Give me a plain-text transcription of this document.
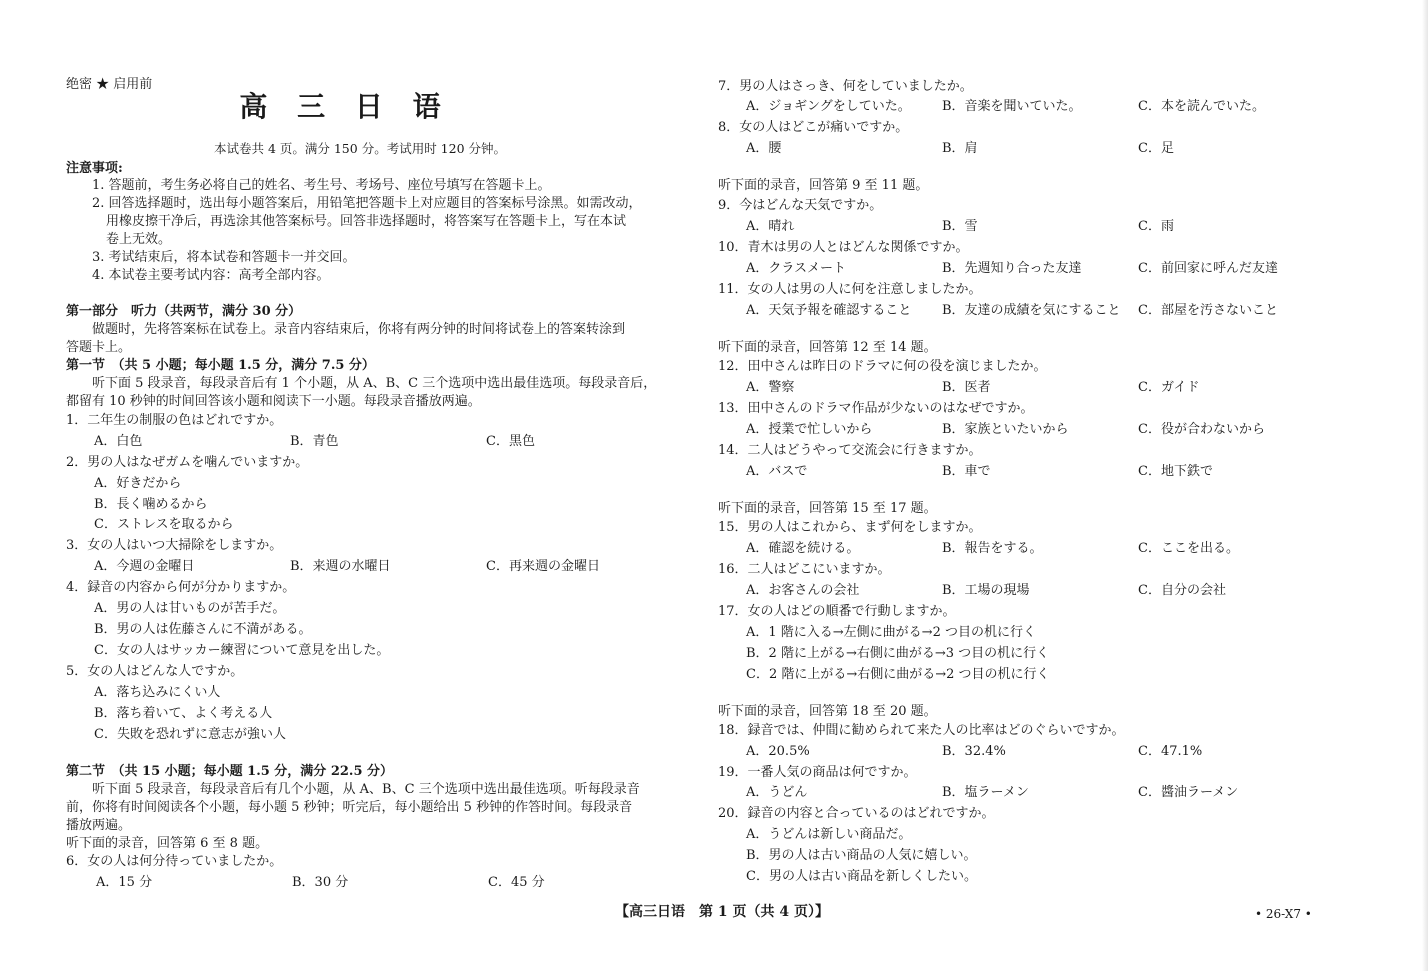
绝密 ★ 启用前
高 三 日 语
本试卷共 4 页。满分 150 分。考试用时 120 分钟。
注意事项:
1. 答题前，考生务必将自己的姓名、考生号、考场号、座位号填写在答题卡上。
2. 回答选择题时，选出每小题答案后，用铅笔把答题卡上对应题目的答案标号涂黑。如需改动，
用橡皮擦干净后，再选涂其他答案标号。回答非选择题时，将答案写在答题卡上，写在本试
卷上无效。
3. 考试结束后，将本试卷和答题卡一并交回。
4. 本试卷主要考试内容：高考全部内容。
第一部分　听力（共两节，满分 30 分）
做题时，先将答案标在试卷上。录音内容结束后，你将有两分钟的时间将试卷上的答案转涂到
答题卡上。
第一节　（共 5 小题；每小题 1.5 分，满分 7.5 分）
听下面 5 段录音，每段录音后有 1 个小题，从 A、B、C 三个选项中选出最佳选项。每段录音后，
都留有 10 秒钟的时间回答该小题和阅读下一小题。每段录音播放两遍。
1．二年生の制服の色はどれですか。
A．白色	B．青色	C．黒色
2．男の人はなぜガムを噛んでいますか。
A．好きだから
B．長く噛めるから
C．ストレスを取るから
3．女の人はいつ大掃除をしますか。
A．今週の金曜日	B．来週の水曜日	C．再来週の金曜日
4．録音の内容から何が分かりますか。
A．男の人は甘いものが苦手だ。
B．男の人は佐藤さんに不満がある。
C．女の人はサッカー練習について意見を出した。
5．女の人はどんな人ですか。
A．落ち込みにくい人
B．落ち着いて、よく考える人
C．失敗を恐れずに意志が強い人
第二节　（共 15 小题；每小题 1.5 分，满分 22.5 分）
听下面 5 段录音，每段录音后有几个小题，从 A、B、C 三个选项中选出最佳选项。听每段录音
前，你将有时间阅读各个小题，每小题 5 秒钟；听完后，每小题给出 5 秒钟的作答时间。每段录音
播放两遍。
听下面的录音，回答第 6 至 8 题。
6．女の人は何分待っていましたか。
A．15 分	B．30 分	C．45 分
7．男の人はさっき、何をしていましたか。
A．ジョギングをしていた。 B．音楽を聞いていた。	C．本を読んでいた。
8．女の人はどこが痛いですか。
A．腰	B．肩	C．足
听下面的录音，回答第 9 至 11 题。
9．今はどんな天気ですか。
A．晴れ	B．雪	C．雨
10．青木は男の人とはどんな関係ですか。
A．クラスメート	B．先週知り合った友達	C．前回家に呼んだ友達
11．女の人は男の人に何を注意しましたか。
A．天気予報を確認すること B．友達の成績を気にすること C．部屋を汚さないこと
听下面的录音，回答第 12 至 14 题。
12．田中さんは昨日のドラマに何の役を演じましたか。
A．警察	B．医者	C．ガイド
13．田中さんのドラマ作品が少ないのはなぜですか。
A．授業で忙しいから	B．家族といたいから	C．役が合わないから
14．二人はどうやって交流会に行きますか。
A．バスで	B．車で	C．地下鉄で
听下面的录音，回答第 15 至 17 题。
15．男の人はこれから、まず何をしますか。
A．確認を続ける。	B．報告をする。	C．ここを出る。
16．二人はどこにいますか。
A．お客さんの会社	B．工場の現場	C．自分の会社
17．女の人はどの順番で行動しますか。
A．1 階に入る→左側に曲がる→2 つ目の机に行く
B．2 階に上がる→右側に曲がる→3 つ目の机に行く
C．2 階に上がる→右側に曲がる→2 つ目の机に行く
听下面的录音，回答第 18 至 20 题。
18．録音では、仲間に勧められて来た人の比率はどのぐらいですか。
A．20.5%	B．32.4%	C．47.1%
19．一番人気の商品は何ですか。
A．うどん	B．塩ラーメン	C．醬油ラーメン
20．録音の内容と合っているのはどれですか。
A．うどんは新しい商品だ。
B．男の人は古い商品の人気に嬉しい。
C．男の人は古い商品を新しくしたい。
【高三日语　第 1 页（共 4 页）】	• 26-X7 •
